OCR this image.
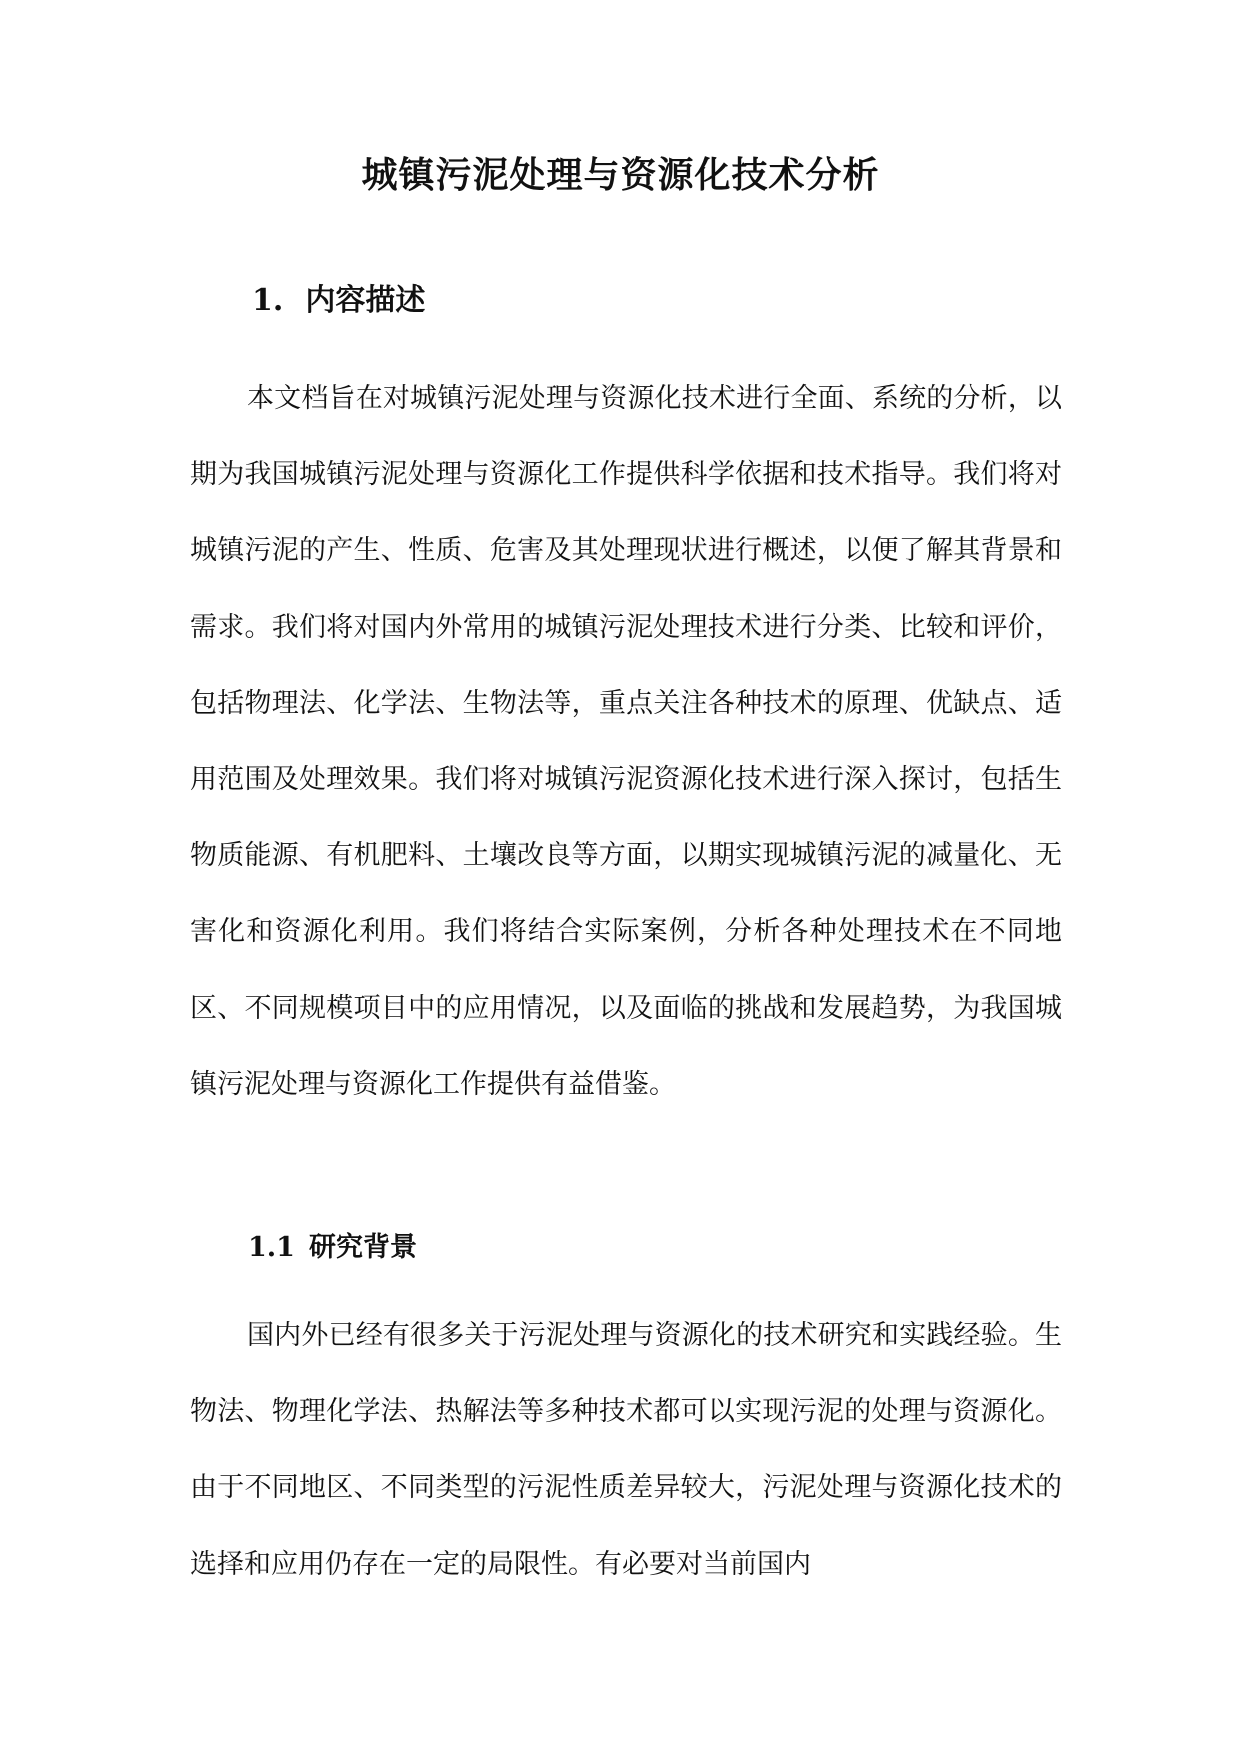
城镇污泥处理与资源化技术分析
1. 内容描述

本文档旨在对城镇污泥处理与资源化技术进行全面、系统的分析，以期为我国城镇污泥处理与资源化工作提供科学依据和技术指导。我们将对城镇污泥的产生、性质、危害及其处理现状进行概述，以便了解其背景和需求。我们将对国内外常用的城镇污泥处理技术进行分类、比较和评价，包括物理法、化学法、生物法等，重点关注各种技术的原理、优缺点、适用范围及处理效果。我们将对城镇污泥资源化技术进行深入探讨，包括生物质能源、有机肥料、土壤改良等方面，以期实现城镇污泥的减量化、无害化和资源化利用。我们将结合实际案例，分析各种处理技术在不同地区、不同规模项目中的应用情况，以及面临的挑战和发展趋势，为我国城镇污泥处理与资源化工作提供有益借鉴。

1.1 研究背景

国内外已经有很多关于污泥处理与资源化的技术研究和实践经验。生物法、物理化学法、热解法等多种技术都可以实现污泥的处理与资源化。由于不同地区、不同类型的污泥性质差异较大，污泥处理与资源化技术的选择和应用仍存在一定的局限性。有必要对当前国内
